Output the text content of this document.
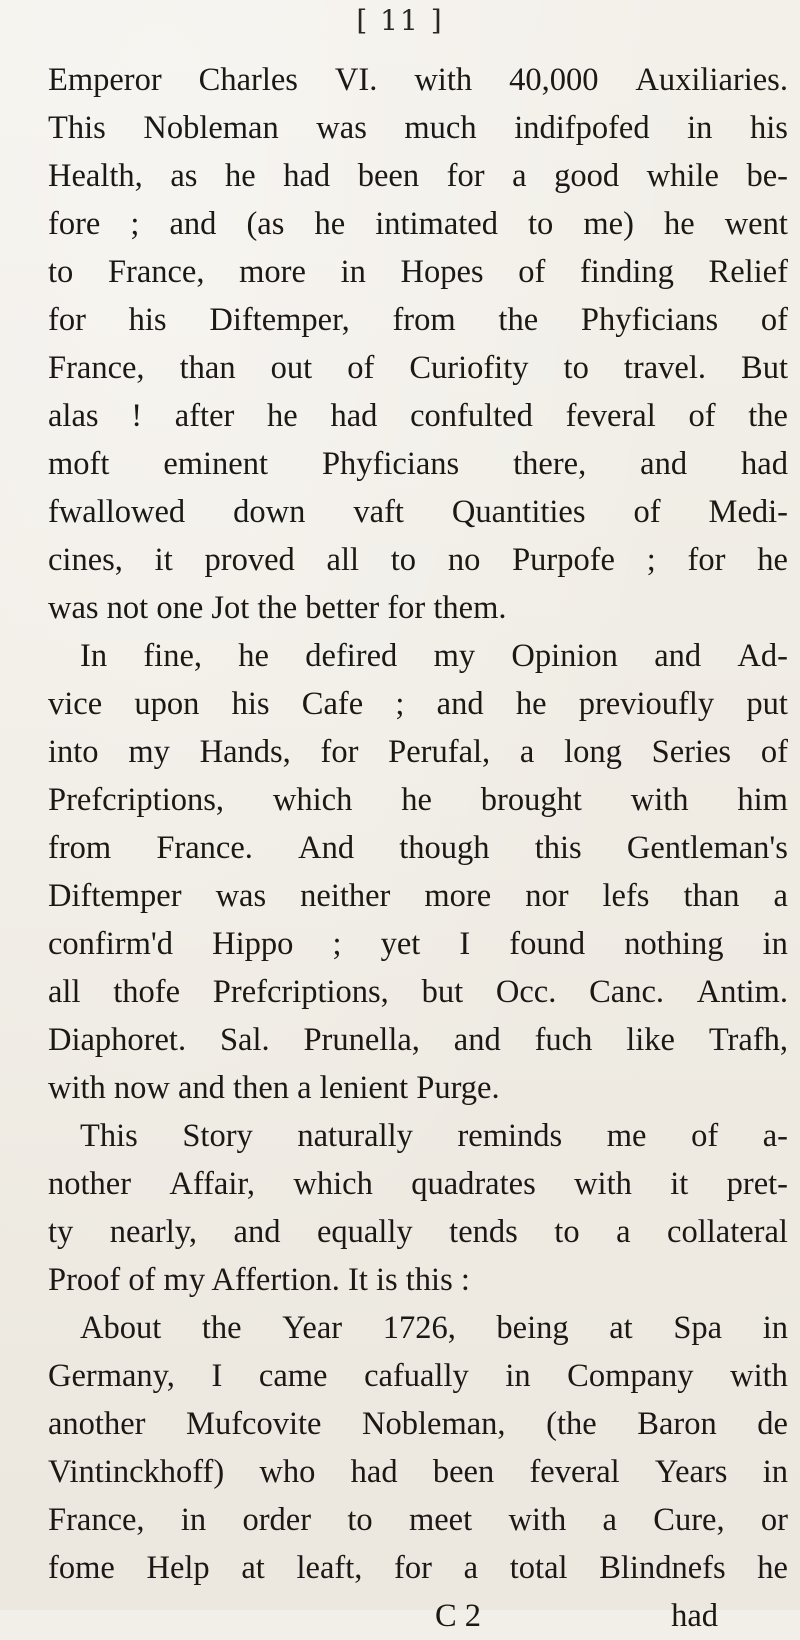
[ 11 ]
Emperor Charles VI. with 40,000 Auxiliaries.
This Nobleman was much indifpofed in his
Health, as he had been for a good while be-
fore ; and (as he intimated to me) he went
to France, more in Hopes of finding Relief
for his Diftemper, from the Phyficians of
France, than out of Curiofity to travel. But
alas ! after he had confulted feveral of the
moft eminent Phyficians there, and had
fwallowed down vaft Quantities of Medi-
cines, it proved all to no Purpofe ; for he
was not one Jot the better for them.
In fine, he defired my Opinion and Ad-
vice upon his Cafe ; and he previoufly put
into my Hands, for Perufal, a long Series of
Prefcriptions, which he brought with him
from France. And though this Gentleman's
Diftemper was neither more nor lefs than a
confirm'd Hippo ; yet I found nothing in
all thofe Prefcriptions, but Occ. Canc. Antim.
Diaphoret. Sal. Prunella, and fuch like Trafh,
with now and then a lenient Purge.
This Story naturally reminds me of a-
nother Affair, which quadrates with it pret-
ty nearly, and equally tends to a collateral
Proof of my Affertion. It is this :
About the Year 1726, being at Spa in
Germany, I came cafually in Company with
another Mufcovite Nobleman, (the Baron de
Vintinckhoff) who had been feveral Years in
France, in order to meet with a Cure, or
fome Help at leaft, for a total Blindnefs he
C 2	had
